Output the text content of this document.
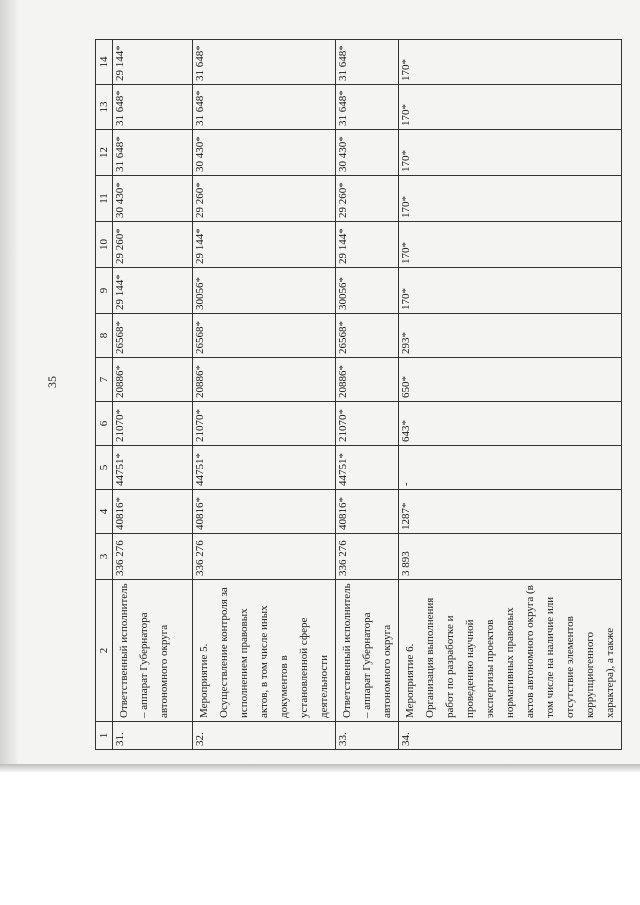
35
1	2	3	4	5	6	7	8	9	10	11	12	13	14
31.	Ответственный исполнитель – аппарат Губернатора автономного округа	336 276	40816*	44751*	21070*	20886*	26568*	29 144*	29 260*	30 430*	31 648*	31 648*	29 144*
32.	Мероприятие 5. Осуществление контроля за исполнением правовых актов, в том числе иных документов в установленной сфере деятельности	336 276	40816*	44751*	21070*	20886*	26568*	30056*	29 144*	29 260*	30 430*	31 648*	31 648*
33.	Ответственный исполнитель – аппарат Губернатора автономного округа	336 276	40816*	44751*	21070*	20886*	26568*	30056*	29 144*	29 260*	30 430*	31 648*	31 648*
34.	Мероприятие 6. Организация выполнения работ по разработке и проведению научной экспертизы проектов нормативных правовых актов автономного округа (в том числе на наличие или отсутствие элементов коррупциогенного характера), а также	3 893	1287*	-	643*	650*	293*	170*	170*	170*	170*	170*	170*
